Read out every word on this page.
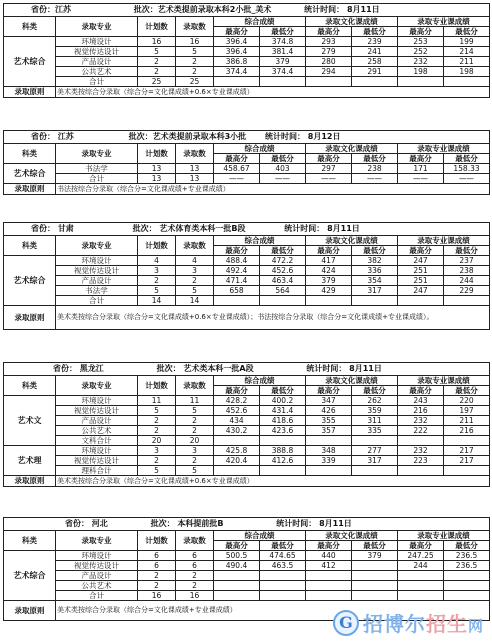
省份：江苏 批次：艺术类提前录取本科2小批_美术 统计时间： 8月11日									
科类	录取专业	计划数	录取数	综合成绩		录取文化课成绩		录取专业课成绩	
				最高分	最低分	最高分	最低分	最高分	最低分
艺术综合	环境设计	16	16	396.4	374.8	293	239	253	199
	视觉传达设计	5	5	396.4	381.4	279	241	252	214
	产品设计	2	2	386.8	379	280	258	232	211
	公共艺术	2	2	374.4	374.4	294	291	198	198
	合计	25	25						
录取原则	美术类按综合分录取（综合分=文化课成绩+0.6×专业课成绩）								
省份： 江苏 批次：艺术类提前录取本科3小批 统计时间： 8月12日									
科类	录取专业	计划数	录取数	综合成绩		录取文化课成绩		录取专业课成绩	
				最高分	最低分	最高分	最低分	最高分	最低分
艺术综合	书法学	13	13	458.67	403	297	238	171	158.33
	合计	13	13	——	——	——	——	——	——
录取原则	书法按综合分录取（综合分=文化课成绩+专业课成绩）								
省份： 甘肃 批次： 艺术体育类本科一批B段 统计时间： 8月11日									
科类	录取专业	计划数	录取数	综合成绩		录取文化课成绩		录取专业课成绩	
				最高分	最低分	最高分	最低分	最高分	最低分
艺术综合	环境设计	4	4	488.4	472.2	417	382	247	237
	视觉传达设计	3	3	492.4	452.6	424	336	251	238
	产品设计	2	2	471.4	463.4	379	354	251	244
	书法学	5	5	658	564	429	317	247	229
	合计	14	14						
录取原则	美术类按综合分录取（综合分=文化课成绩+0.6×专业课成绩）；书法按综合分录取（综合分=文化课成绩+专业课成绩）。								
省份： 黑龙江 批次： 艺术类本科一批A段 统计时间： 8月11日									
科类	录取专业	计划数	录取数	综合成绩		录取文化课成绩		录取专业课成绩	
				最高分	最低分	最高分	最低分	最高分	最低分
艺术文	环境设计	11	11	428.2	400.2	347	262	243	220
	视觉传达设计	5	5	452.6	431.4	426	359	216	197
	产品设计	2	2	434	418.6	355	311	232	211
	公共艺术	2	2	430.2	423.6	357	335	222	216
	文科合计	20	20						
艺术理	环境设计	3	3	425.8	388.8	348	277	232	217
	视觉传达设计	2	2	420.4	412.6	339	317	223	217
	理科合计	5	5						
录取原则	美术类按综合分录取（综合分=文化课成绩+0.6×专业课成绩）								
省份： 河北 批次： 本科提前批B 统计时间： 8月11日									
科类	录取专业	计划数	录取数	综合成绩		录取文化课成绩		录取专业课成绩	
				最高分	最低分	最高分	最低分	最高分	最低分
艺术综合	环境设计	6	6	500.5	474.65	440	379	247.25	236.5
	视觉传达设计	6	6	490.4	463.5	412		244	236.5
	产品设计	2	2						
	公共艺术	2	2						
	合计	16	16						
录取原则	美术类按综合分录取（综合分=文化课成绩+专业课成绩）								
G 招博尔招生网
